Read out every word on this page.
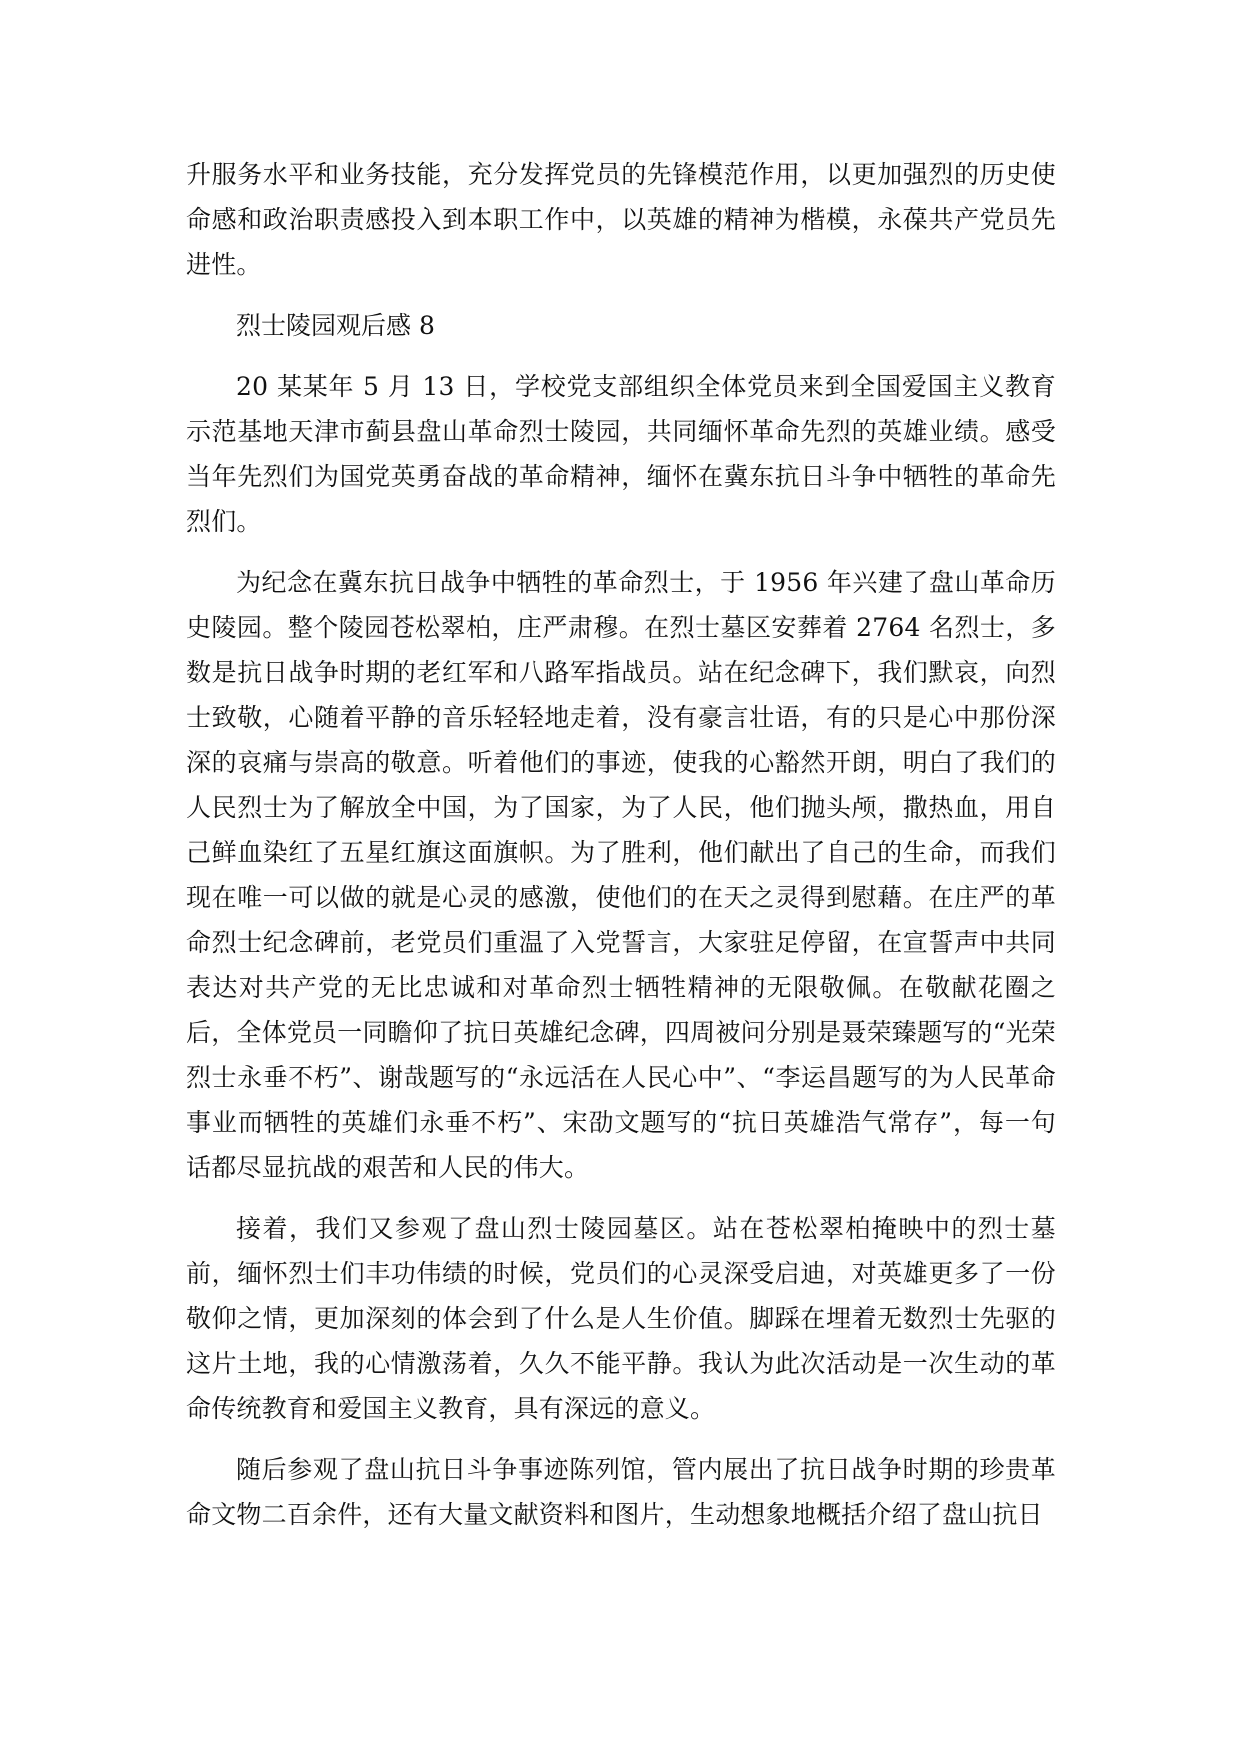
升服务水平和业务技能，充分发挥党员的先锋模范作用，以更加强烈的历史使命感和政治职责感投入到本职工作中，以英雄的精神为楷模，永葆共产党员先进性。

烈士陵园观后感 8

20 某某年 5 月 13 日，学校党支部组织全体党员来到全国爱国主义教育示范基地天津市蓟县盘山革命烈士陵园，共同缅怀革命先烈的英雄业绩。感受当年先烈们为国党英勇奋战的革命精神，缅怀在冀东抗日斗争中牺牲的革命先烈们。

为纪念在冀东抗日战争中牺牲的革命烈士，于 1956 年兴建了盘山革命历史陵园。整个陵园苍松翠柏，庄严肃穆。在烈士墓区安葬着 2764 名烈士，多数是抗日战争时期的老红军和八路军指战员。站在纪念碑下，我们默哀，向烈士致敬，心随着平静的音乐轻轻地走着，没有豪言壮语，有的只是心中那份深深的哀痛与崇高的敬意。听着他们的事迹，使我的心豁然开朗，明白了我们的人民烈士为了解放全中国，为了国家，为了人民，他们抛头颅，撒热血，用自己鲜血染红了五星红旗这面旗帜。为了胜利，他们献出了自己的生命，而我们现在唯一可以做的就是心灵的感激，使他们的在天之灵得到慰藉。在庄严的革命烈士纪念碑前，老党员们重温了入党誓言，大家驻足停留，在宣誓声中共同表达对共产党的无比忠诚和对革命烈士牺牲精神的无限敬佩。在敬献花圈之后，全体党员一同瞻仰了抗日英雄纪念碑，四周被问分别是聂荣臻题写的“光荣烈士永垂不朽”、谢哉题写的“永远活在人民心中”、“李运昌题写的为人民革命事业而牺牲的英雄们永垂不朽”、宋劭文题写的“抗日英雄浩气常存”，每一句话都尽显抗战的艰苦和人民的伟大。

接着，我们又参观了盘山烈士陵园墓区。站在苍松翠柏掩映中的烈士墓前，缅怀烈士们丰功伟绩的时候，党员们的心灵深受启迪，对英雄更多了一份敬仰之情，更加深刻的体会到了什么是人生价值。脚踩在埋着无数烈士先驱的这片土地，我的心情激荡着，久久不能平静。我认为此次活动是一次生动的革命传统教育和爱国主义教育，具有深远的意义。

随后参观了盘山抗日斗争事迹陈列馆，管内展出了抗日战争时期的珍贵革命文物二百余件，还有大量文献资料和图片，生动想象地概括介绍了盘山抗日
